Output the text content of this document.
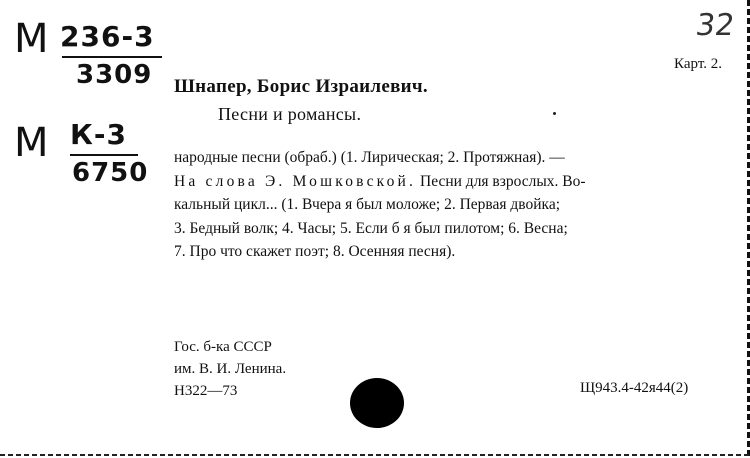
М 236-3
3309
М К-3
6750
32
Карт. 2.
Шнапер, Борис Израилевич.
Песни и романсы.
народные песни (обраб.) (1. Лирическая; 2. Протяжная). —
На слова Э. Мошковской. Песни для взрослых. Во-
кальный цикл... (1. Вчера я был моложе; 2. Первая двойка;
3. Бедный волк; 4. Часы; 5. Если б я был пилотом; 6. Весна;
7. Про что скажет поэт; 8. Осенняя песня).
Гос. б-ка СССР
им. В. И. Ленина.
Н322—73	Щ943.4-42я44(2)
